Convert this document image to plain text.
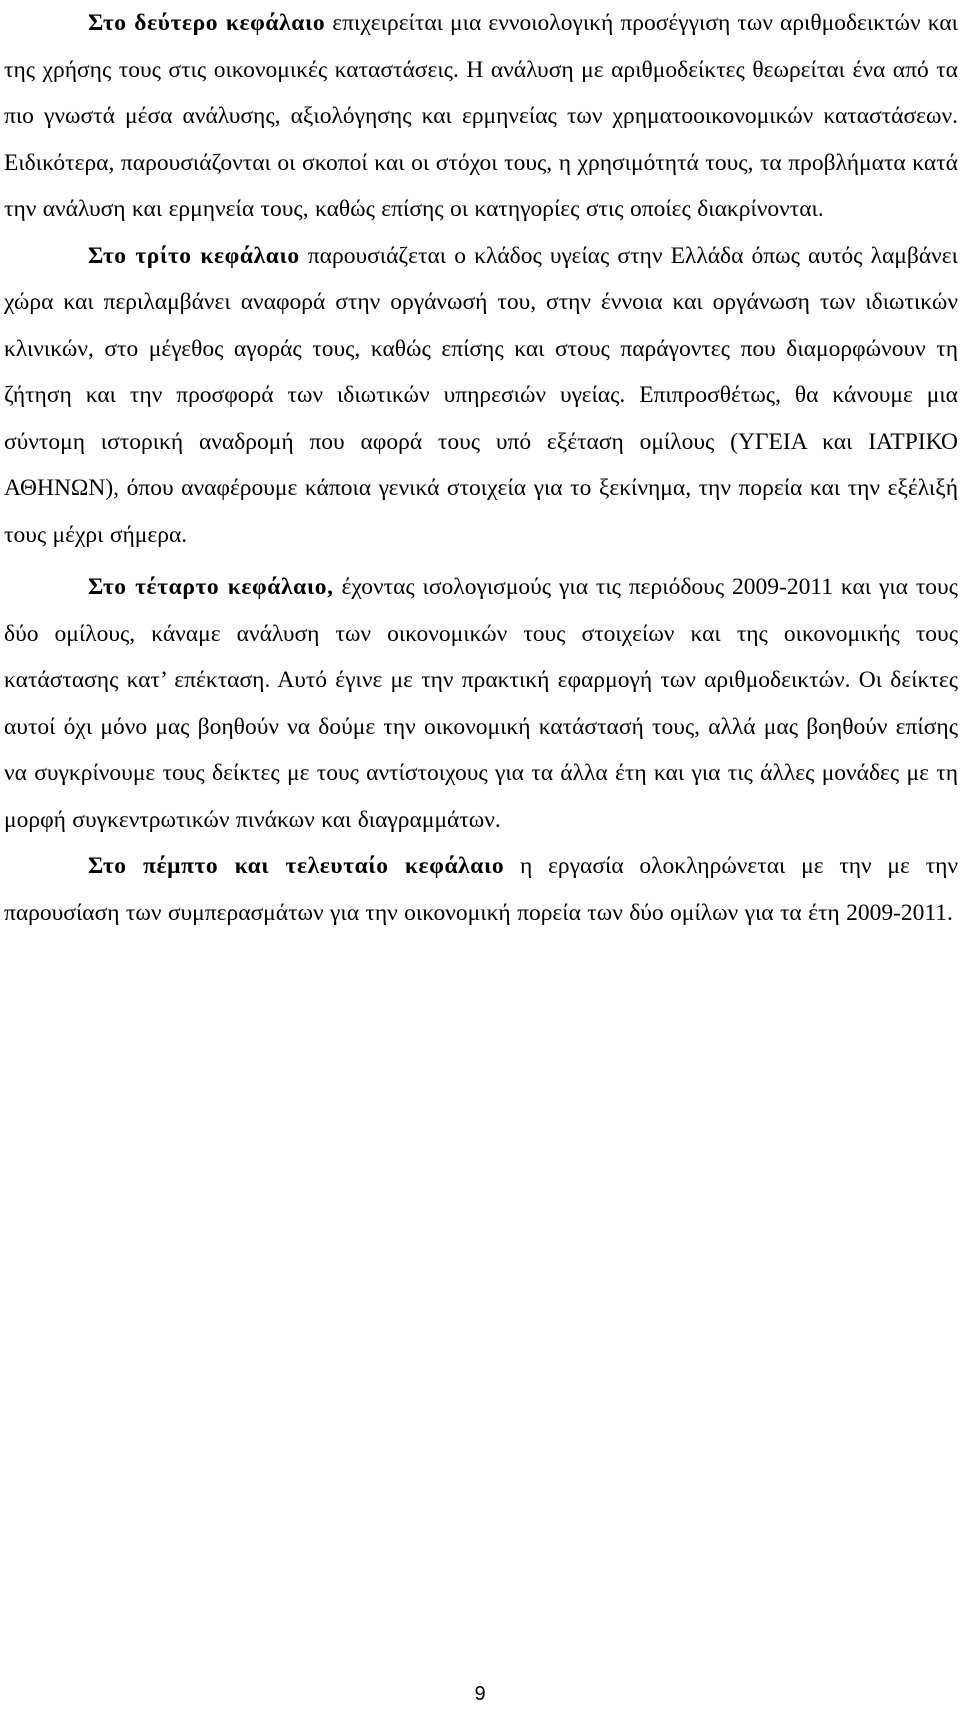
Στο δεύτερο κεφάλαιο επιχειρείται μια εννοιολογική προσέγγιση των αριθμοδεικτών και της χρήσης τους στις οικονομικές καταστάσεις. Η ανάλυση με αριθμοδείκτες θεωρείται ένα από τα πιο γνωστά μέσα ανάλυσης, αξιολόγησης και ερμηνείας των χρηματοοικονομικών καταστάσεων. Ειδικότερα, παρουσιάζονται οι σκοποί και οι στόχοι τους, η χρησιμότητά τους, τα προβλήματα κατά την ανάλυση και ερμηνεία τους, καθώς επίσης οι κατηγορίες στις οποίες διακρίνονται.

Στο τρίτο κεφάλαιο παρουσιάζεται ο κλάδος υγείας στην Ελλάδα όπως αυτός λαμβάνει χώρα και περιλαμβάνει αναφορά στην οργάνωσή του, στην έννοια και οργάνωση των ιδιωτικών κλινικών, στο μέγεθος αγοράς τους, καθώς επίσης και στους παράγοντες που διαμορφώνουν τη ζήτηση και την προσφορά των ιδιωτικών υπηρεσιών υγείας. Επιπροσθέτως, θα κάνουμε μια σύντομη ιστορική αναδρομή που αφορά τους υπό εξέταση ομίλους (ΥΓΕΙΑ και ΙΑΤΡΙΚΟ ΑΘΗΝΩΝ), όπου αναφέρουμε κάποια γενικά στοιχεία για το ξεκίνημα, την πορεία και την εξέλιξή τους μέχρι σήμερα.

Στο τέταρτο κεφάλαιο, έχοντας ισολογισμούς για τις περιόδους 2009-2011 και για τους δύο ομίλους, κάναμε ανάλυση των οικονομικών τους στοιχείων και της οικονομικής τους κατάστασης κατ’ επέκταση. Αυτό έγινε με την πρακτική εφαρμογή των αριθμοδεικτών. Οι δείκτες αυτοί όχι μόνο μας βοηθούν να δούμε την οικονομική κατάστασή τους, αλλά μας βοηθούν επίσης να συγκρίνουμε τους δείκτες με τους αντίστοιχους για τα άλλα έτη και για τις άλλες μονάδες με τη μορφή συγκεντρωτικών πινάκων και διαγραμμάτων.

Στο πέμπτο και τελευταίο κεφάλαιο η εργασία ολοκληρώνεται με την με την παρουσίαση των συμπερασμάτων για την οικονομική πορεία των δύο ομίλων για τα έτη 2009-2011.

9
